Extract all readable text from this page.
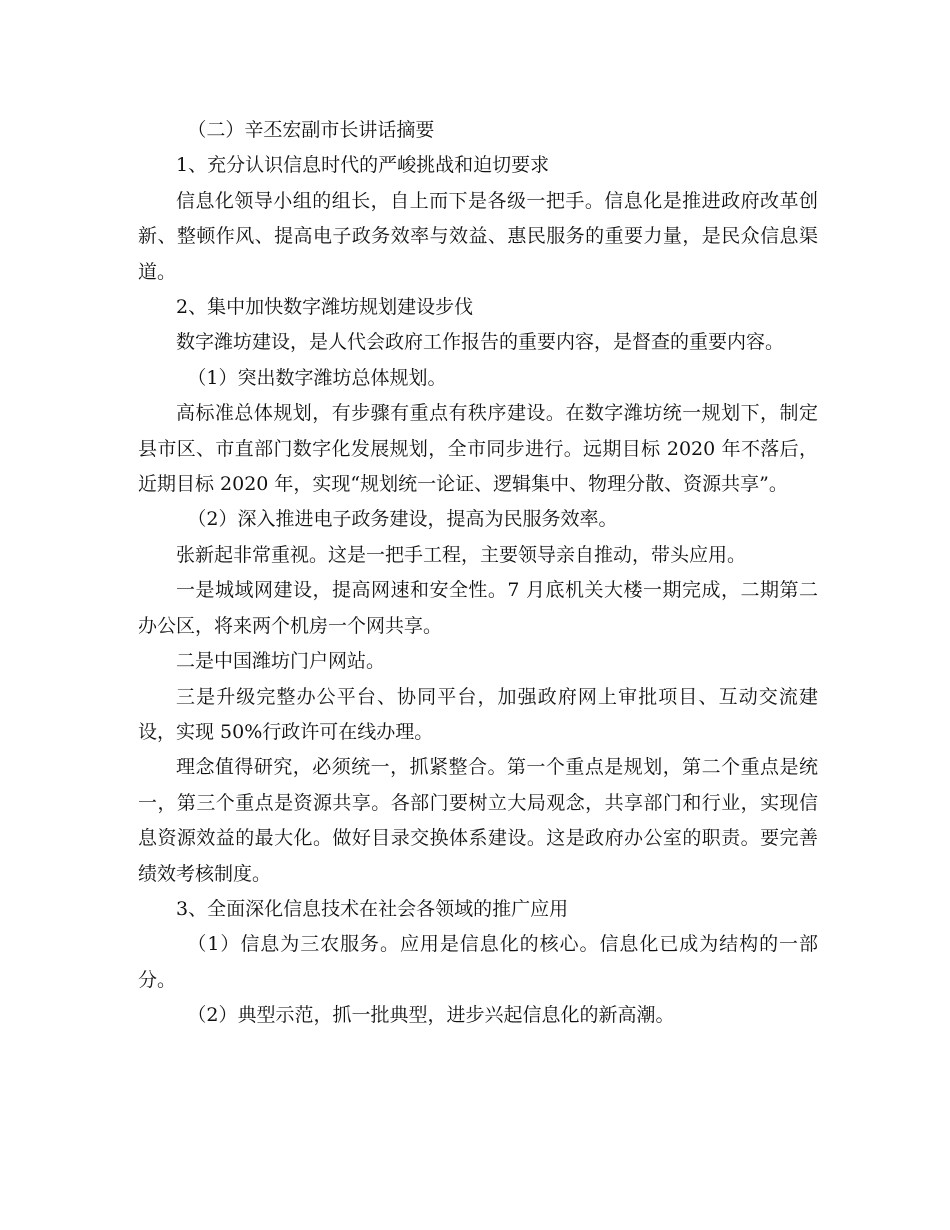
（二）辛丕宏副市长讲话摘要

1、充分认识信息时代的严峻挑战和迫切要求

信息化领导小组的组长，自上而下是各级一把手。信息化是推进政府改革创新、整顿作风、提高电子政务效率与效益、惠民服务的重要力量，是民众信息渠道。

2、集中加快数字潍坊规划建设步伐

数字潍坊建设，是人代会政府工作报告的重要内容，是督查的重要内容。

（1）突出数字潍坊总体规划。

高标准总体规划，有步骤有重点有秩序建设。在数字潍坊统一规划下，制定县市区、市直部门数字化发展规划，全市同步进行。远期目标 2020 年不落后，近期目标 2020 年，实现“规划统一论证、逻辑集中、物理分散、资源共享”。

（2）深入推进电子政务建设，提高为民服务效率。

张新起非常重视。这是一把手工程，主要领导亲自推动，带头应用。

一是城域网建设，提高网速和安全性。7 月底机关大楼一期完成，二期第二办公区，将来两个机房一个网共享。

二是中国潍坊门户网站。

三是升级完整办公平台、协同平台，加强政府网上审批项目、互动交流建设，实现 50%行政许可在线办理。

理念值得研究，必须统一，抓紧整合。第一个重点是规划，第二个重点是统一，第三个重点是资源共享。各部门要树立大局观念，共享部门和行业，实现信息资源效益的最大化。做好目录交换体系建设。这是政府办公室的职责。要完善绩效考核制度。

3、全面深化信息技术在社会各领域的推广应用

（1）信息为三农服务。应用是信息化的核心。信息化已成为结构的一部分。

（2）典型示范，抓一批典型，进步兴起信息化的新高潮。
